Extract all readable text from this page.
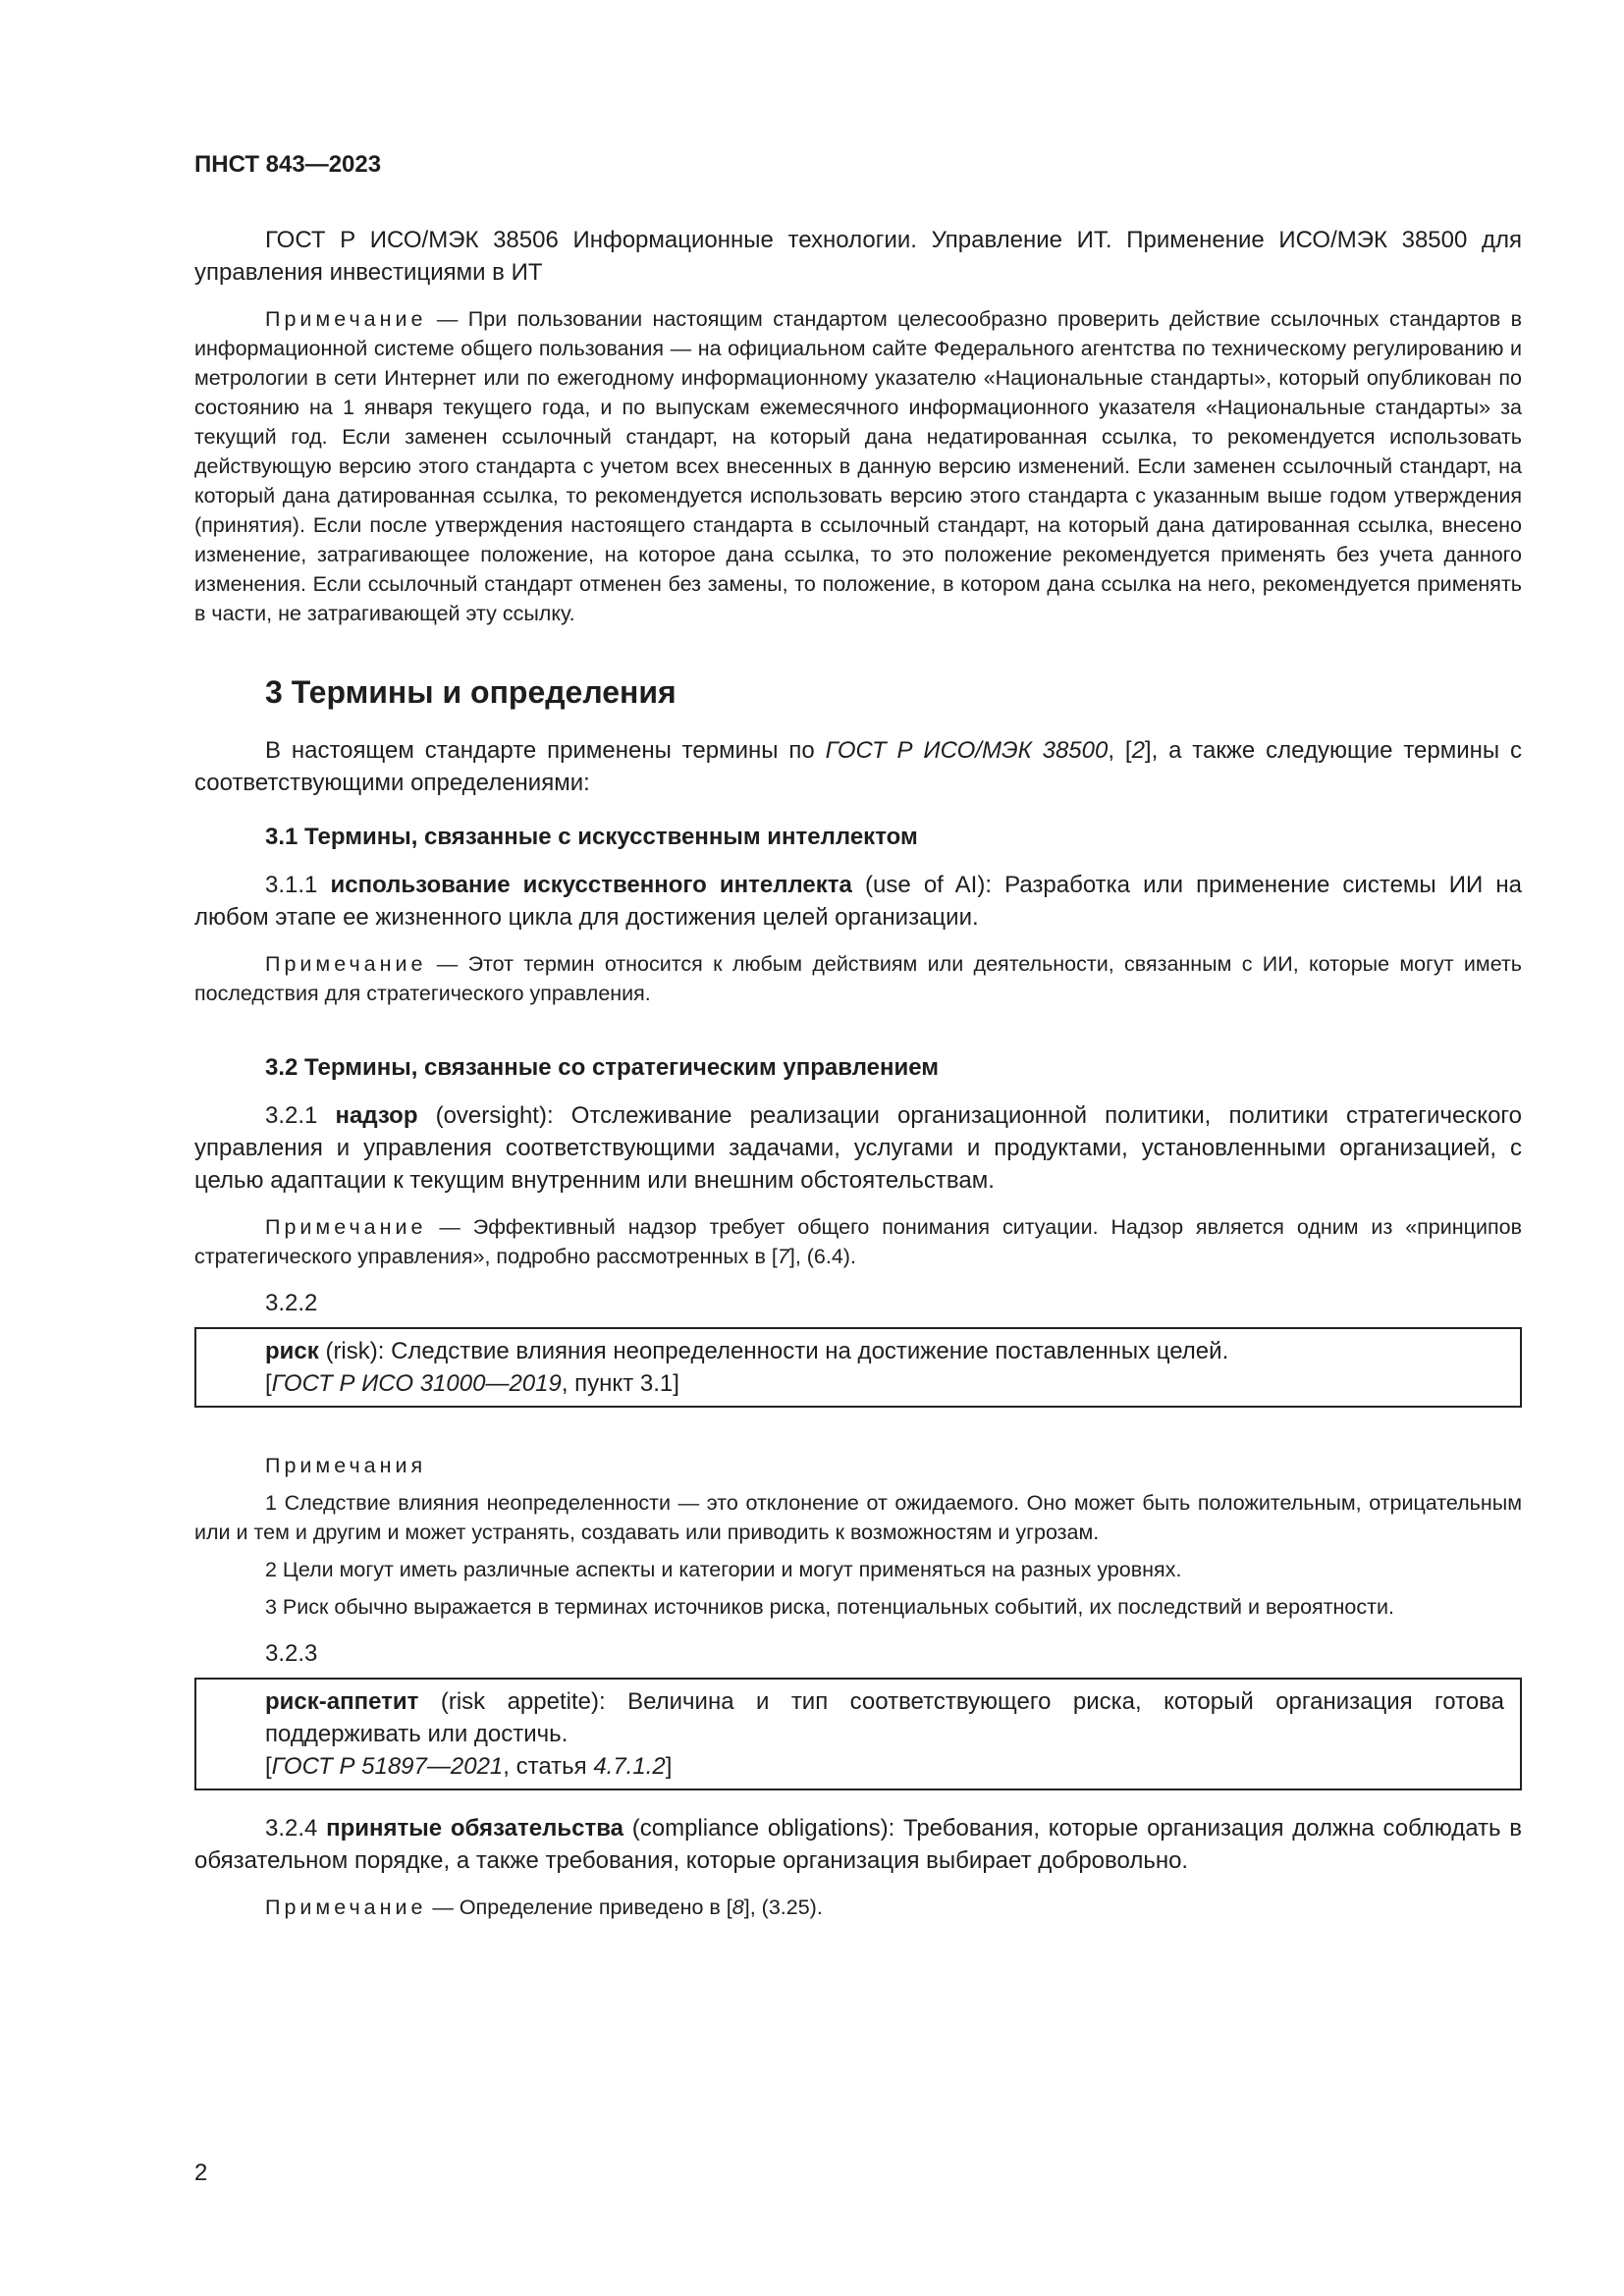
ПНСТ 843—2023

ГОСТ Р ИСО/МЭК 38506 Информационные технологии. Управление ИТ. Применение ИСО/МЭК 38500 для управления инвестициями в ИТ

Примечание — При пользовании настоящим стандартом целесообразно проверить действие ссылочных стандартов в информационной системе общего пользования — на официальном сайте Федерального агентства по техническому регулированию и метрологии в сети Интернет или по ежегодному информационному указателю «Национальные стандарты», который опубликован по состоянию на 1 января текущего года, и по выпускам ежемесячного информационного указателя «Национальные стандарты» за текущий год. Если заменен ссылочный стандарт, на который дана недатированная ссылка, то рекомендуется использовать действующую версию этого стандарта с учетом всех внесенных в данную версию изменений. Если заменен ссылочный стандарт, на который дана датированная ссылка, то рекомендуется использовать версию этого стандарта с указанным выше годом утверждения (принятия). Если после утверждения настоящего стандарта в ссылочный стандарт, на который дана датированная ссылка, внесено изменение, затрагивающее положение, на которое дана ссылка, то это положение рекомендуется применять без учета данного изменения. Если ссылочный стандарт отменен без замены, то положение, в котором дана ссылка на него, рекомендуется применять в части, не затрагивающей эту ссылку.

3 Термины и определения

В настоящем стандарте применены термины по ГОСТ Р ИСО/МЭК 38500, [2], а также следующие термины с соответствующими определениями:

3.1 Термины, связанные с искусственным интеллектом

3.1.1 использование искусственного интеллекта (use of AI): Разработка или применение системы ИИ на любом этапе ее жизненного цикла для достижения целей организации.

Примечание — Этот термин относится к любым действиям или деятельности, связанным с ИИ, которые могут иметь последствия для стратегического управления.

3.2 Термины, связанные со стратегическим управлением

3.2.1 надзор (oversight): Отслеживание реализации организационной политики, политики стратегического управления и управления соответствующими задачами, услугами и продуктами, установленными организацией, с целью адаптации к текущим внутренним или внешним обстоятельствам.

Примечание — Эффективный надзор требует общего понимания ситуации. Надзор является одним из «принципов стратегического управления», подробно рассмотренных в [7], (6.4).

3.2.2

риск (risk): Следствие влияния неопределенности на достижение поставленных целей.

[ГОСТ Р ИСО 31000—2019, пункт 3.1]

Примечания

1 Следствие влияния неопределенности — это отклонение от ожидаемого. Оно может быть положительным, отрицательным или и тем и другим и может устранять, создавать или приводить к возможностям и угрозам.

2 Цели могут иметь различные аспекты и категории и могут применяться на разных уровнях.

3 Риск обычно выражается в терминах источников риска, потенциальных событий, их последствий и вероятности.

3.2.3

риск-аппетит (risk appetite): Величина и тип соответствующего риска, который организация готова поддерживать или достичь.

[ГОСТ Р 51897—2021, статья 4.7.1.2]

3.2.4 принятые обязательства (compliance obligations): Требования, которые организация должна соблюдать в обязательном порядке, а также требования, которые организация выбирает добровольно.

Примечание — Определение приведено в [8], (3.25).

2
